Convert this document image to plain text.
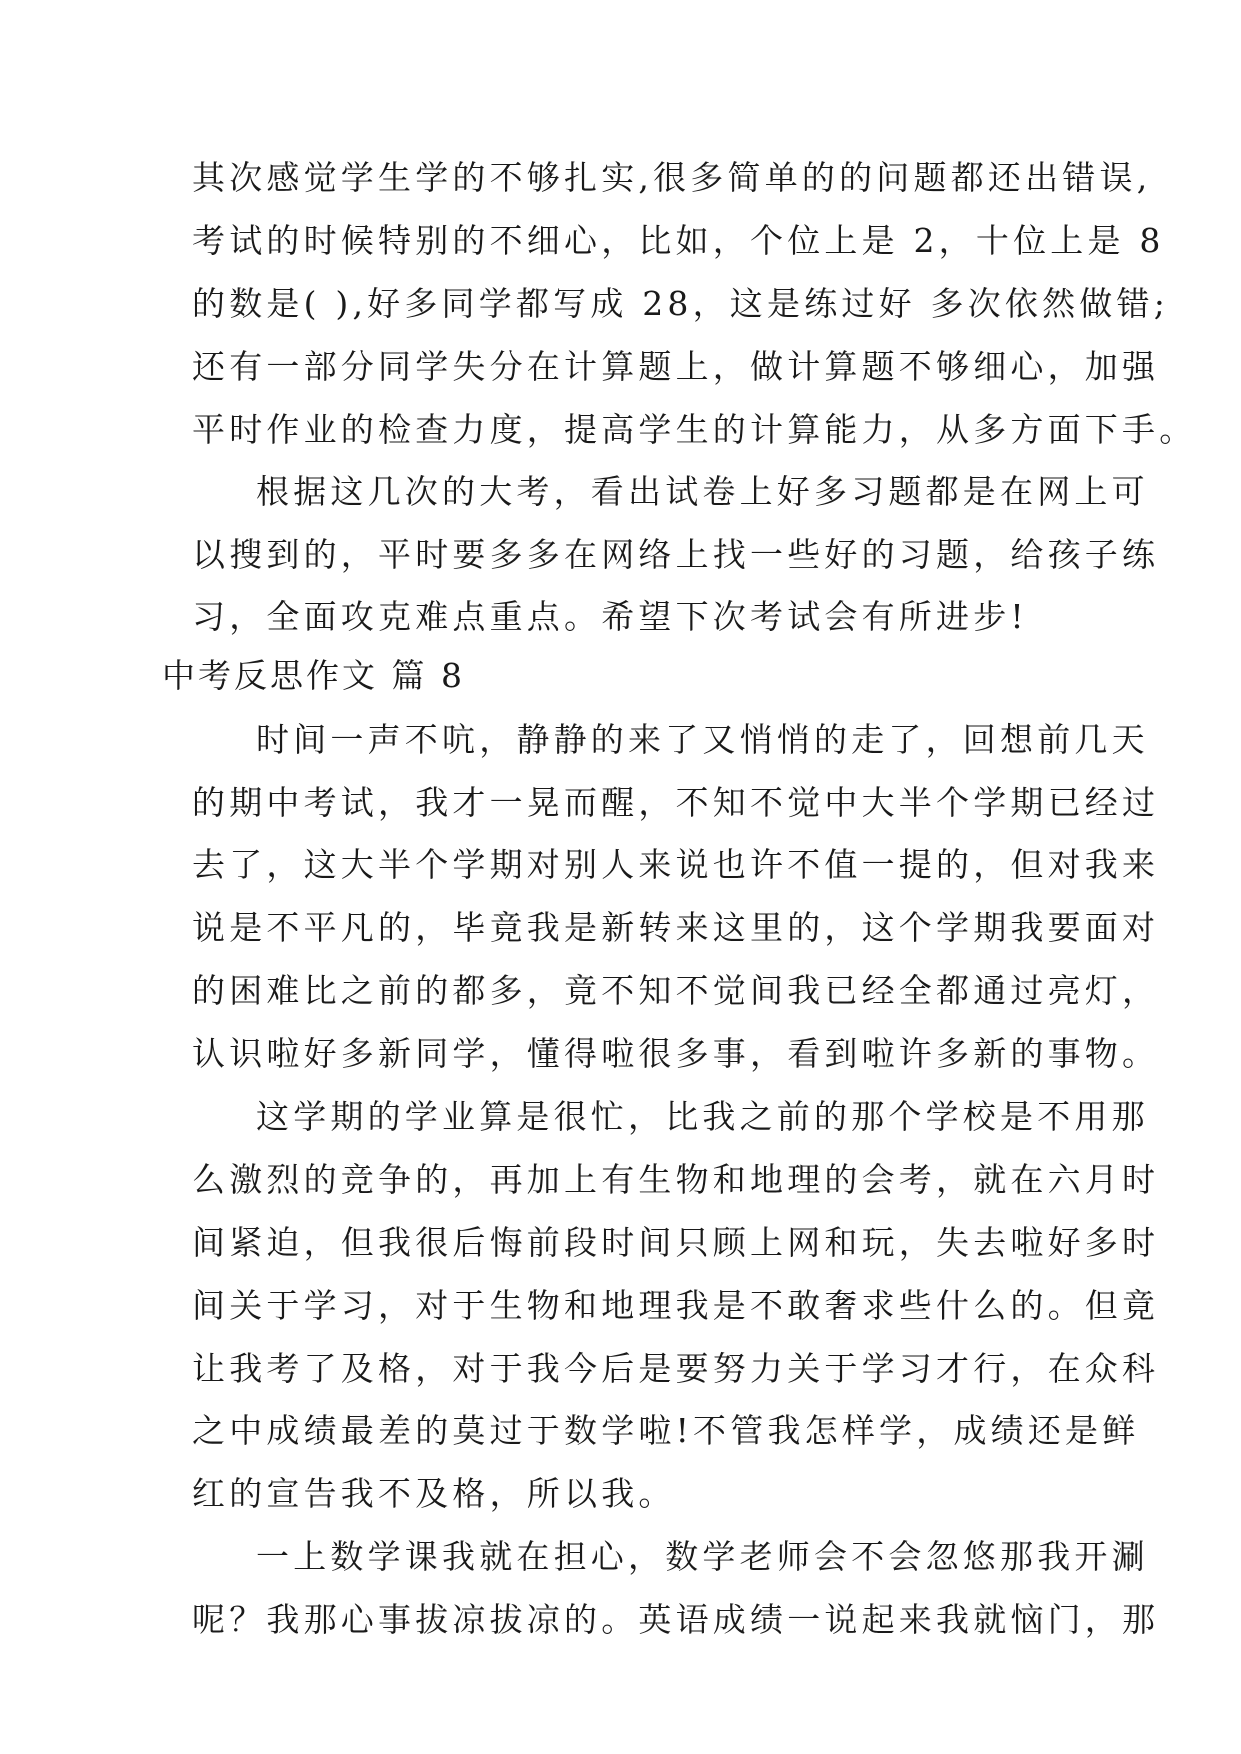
其次感觉学生学的不够扎实,很多简单的的问题都还出错误,
考试的时候特别的不细心，比如，个位上是 2，十位上是 8
的数是( ),好多同学都写成 28，这是练过好 多次依然做错;
还有一部分同学失分在计算题上，做计算题不够细心，加强
平时作业的检查力度，提高学生的计算能力，从多方面下手。
根据这几次的大考，看出试卷上好多习题都是在网上可
以搜到的，平时要多多在网络上找一些好的习题，给孩子练
习，全面攻克难点重点。希望下次考试会有所进步!
中考反思作文 篇 8
时间一声不吭，静静的来了又悄悄的走了，回想前几天
的期中考试，我才一晃而醒，不知不觉中大半个学期已经过
去了，这大半个学期对别人来说也许不值一提的，但对我来
说是不平凡的，毕竟我是新转来这里的，这个学期我要面对
的困难比之前的都多，竟不知不觉间我已经全都通过亮灯，
认识啦好多新同学，懂得啦很多事，看到啦许多新的事物。
这学期的学业算是很忙，比我之前的那个学校是不用那
么激烈的竞争的，再加上有生物和地理的会考，就在六月时
间紧迫，但我很后悔前段时间只顾上网和玩，失去啦好多时
间关于学习，对于生物和地理我是不敢奢求些什么的。但竟
让我考了及格，对于我今后是要努力关于学习才行，在众科
之中成绩最差的莫过于数学啦!不管我怎样学，成绩还是鲜
红的宣告我不及格，所以我。
一上数学课我就在担心，数学老师会不会忽悠那我开涮
呢？我那心事拔凉拔凉的。英语成绩一说起来我就恼门，那
